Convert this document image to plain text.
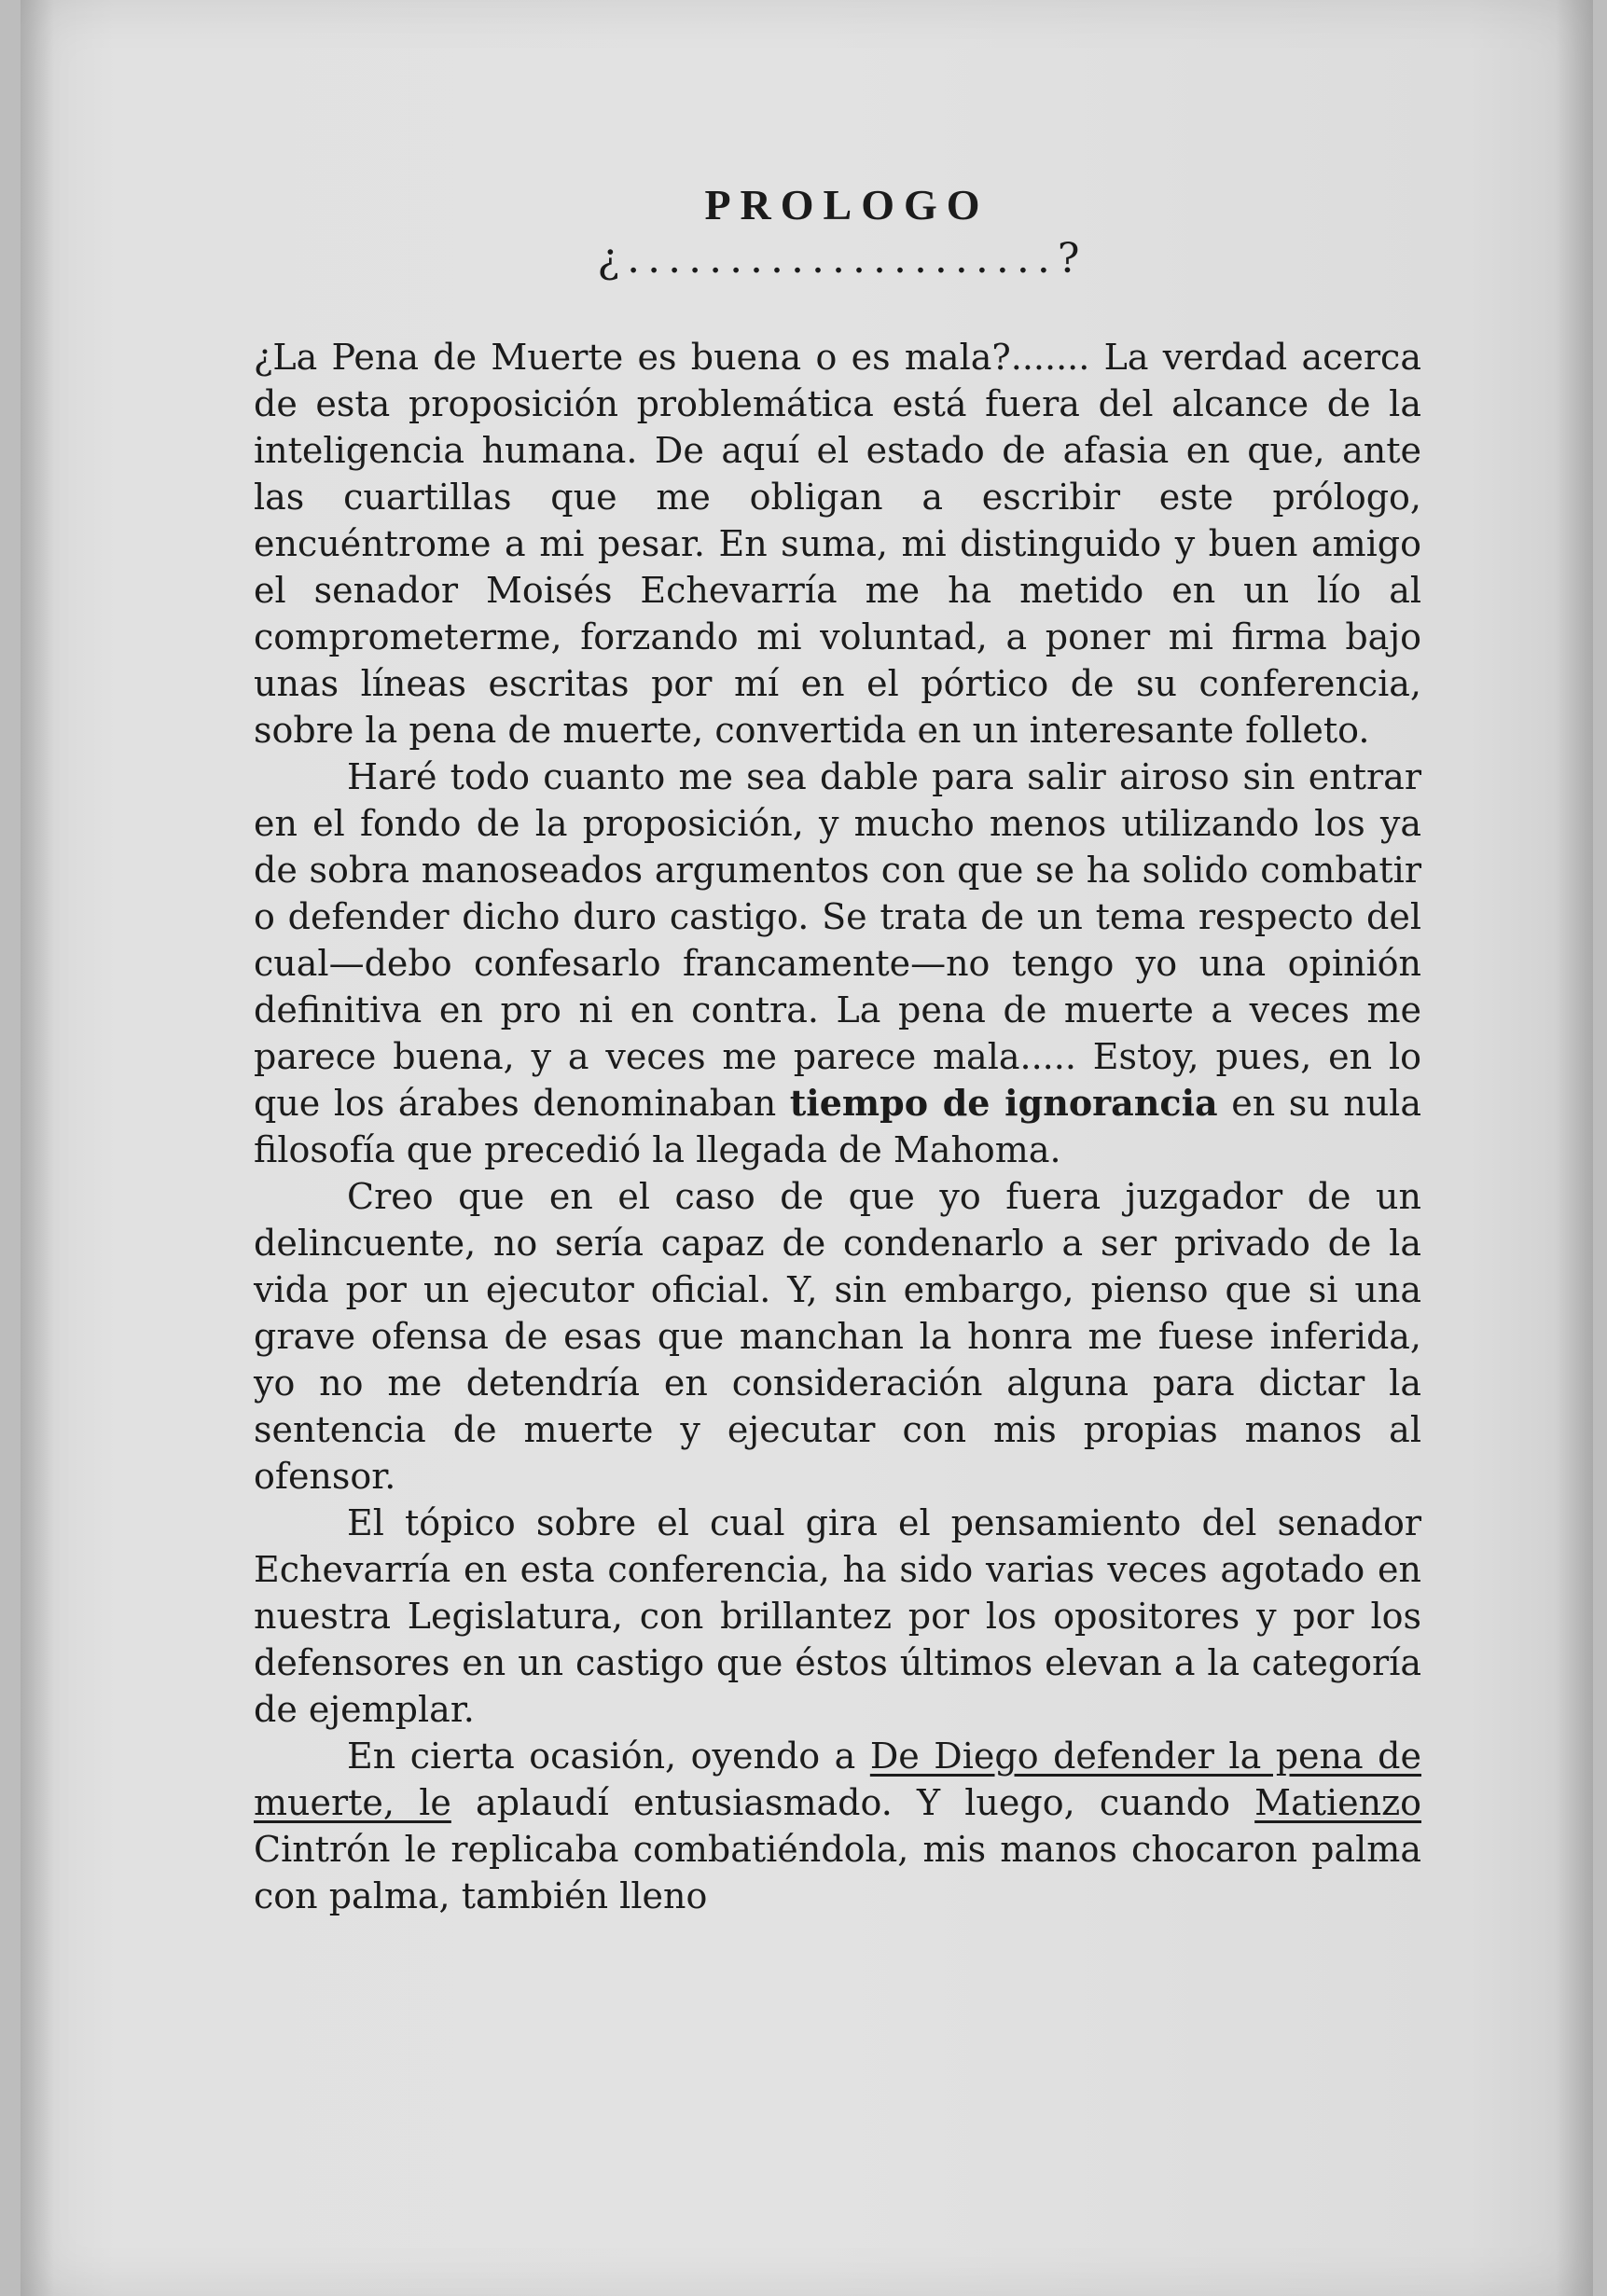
PROLOGO

¿.....................?

¿La Pena de Muerte es buena o es mala?....... La verdad acerca de esta proposición problemática está fuera del alcance de la inteligencia humana. De aquí el estado de afasia en que, ante las cuartillas que me obligan a escribir este prólogo, encuéntrome a mi pesar. En suma, mi distinguido y buen amigo el senador Moisés Echevarría me ha metido en un lío al comprometerme, forzando mi voluntad, a poner mi firma bajo unas líneas escritas por mí en el pórtico de su conferencia, sobre la pena de muerte, convertida en un interesante folleto.

Haré todo cuanto me sea dable para salir airoso sin entrar en el fondo de la proposición, y mucho menos utilizando los ya de sobra manoseados argumentos con que se ha solido combatir o defender dicho duro castigo. Se trata de un tema respecto del cual—debo confesarlo francamente—no tengo yo una opinión definitiva en pro ni en contra. La pena de muerte a veces me parece buena, y a veces me parece mala..... Estoy, pues, en lo que los árabes denominaban tiempo de ignorancia en su nula filosofía que precedió la llegada de Mahoma.

Creo que en el caso de que yo fuera juzgador de un delincuente, no sería capaz de condenarlo a ser privado de la vida por un ejecutor oficial. Y, sin embargo, pienso que si una grave ofensa de esas que manchan la honra me fuese inferida, yo no me detendría en consideración alguna para dictar la sentencia de muerte y ejecutar con mis propias manos al ofensor.

El tópico sobre el cual gira el pensamiento del senador Echevarría en esta conferencia, ha sido varias veces agotado en nuestra Legislatura, con brillantez por los opositores y por los defensores en un castigo que éstos últimos elevan a la categoría de ejemplar.

En cierta ocasión, oyendo a De Diego defender la pena de muerte, le aplaudí entusiasmado. Y luego, cuando Matienzo Cintrón le replicaba combatiéndola, mis manos chocaron palma con palma, también lleno
